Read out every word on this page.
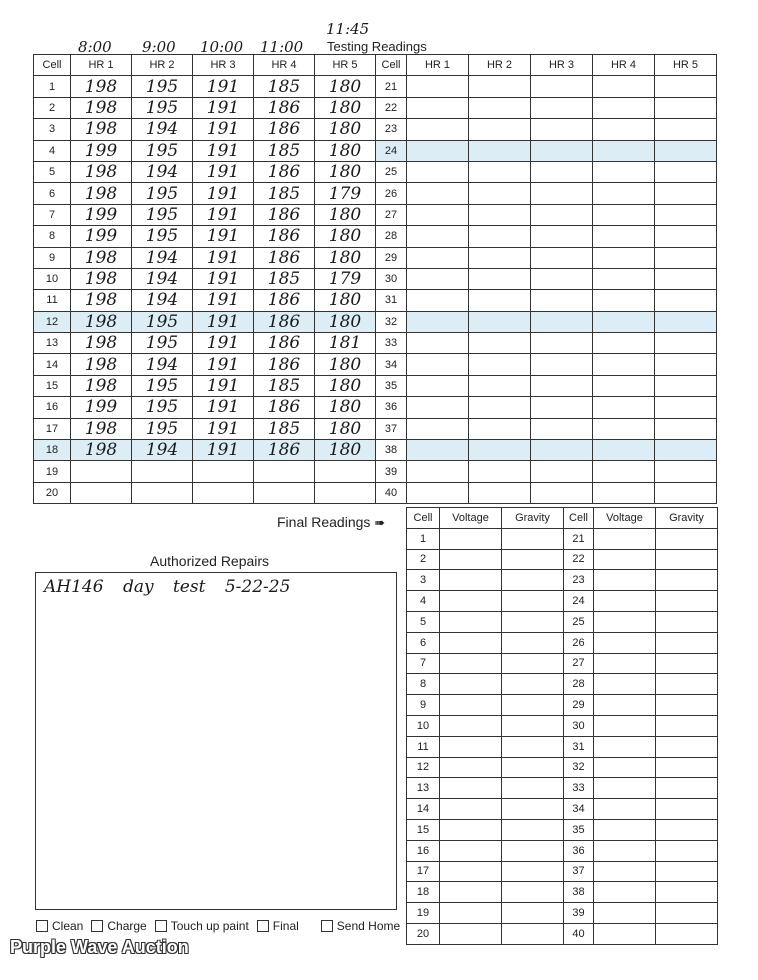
8:00 9:00 10:00 11:00
11:45
Testing Readings
Cell	HR 1	HR 2	HR 3	HR 4	HR 5	Cell	HR 1	HR 2	HR 3	HR 4	HR 5
1	198	195	191	185	180	21					
2	198	195	191	186	180	22					
3	198	194	191	186	180	23					
4	199	195	191	185	180	24					
5	198	194	191	186	180	25					
6	198	195	191	185	179	26					
7	199	195	191	186	180	27					
8	199	195	191	186	180	28					
9	198	194	191	186	180	29					
10	198	194	191	185	179	30					
11	198	194	191	186	180	31					
12	198	195	191	186	180	32					
13	198	195	191	186	181	33					
14	198	194	191	186	180	34					
15	198	195	191	185	180	35					
16	199	195	191	186	180	36					
17	198	195	191	185	180	37					
18	198	194	191	186	180	38					
19						39					
20						40					
Final Readings ➠	Cell	Voltage	Gravity	Cell	Voltage	Gravity
1			21		
2			22		
3			23		
4			24		
5			25		
6			26		
7			27		
8			28		
9			29		
10			30		
11			31		
12			32		
13			33		
14			34		
15			35		
16			36		
17			37		
18			38		
19			39		
20			40		
Authorized Repairs
AH146 day test 5-22-25
Clean Charge Touch up paint Final	Send Home
Purple Wave Auction
